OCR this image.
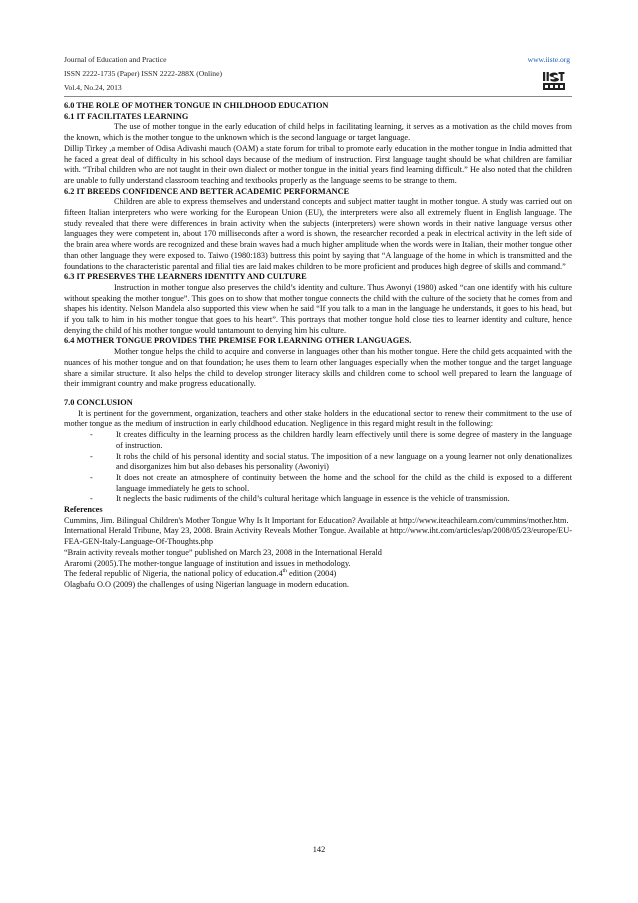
Journal of Education and Practice
ISSN 2222-1735 (Paper) ISSN 2222-288X (Online)
Vol.4, No.24, 2013
www.iiste.org

6.0 THE ROLE OF MOTHER TONGUE IN CHILDHOOD EDUCATION

6.1 IT FACILITATES LEARNING

The use of mother tongue in the early education of child helps in facilitating learning, it serves as a motivation as the child moves from the known, which is the mother tongue to the unknown which is the second language or target language.

Dillip Tirkey ,a member of Odisa Adivashi mauch (OAM) a state forum for tribal to promote early education in the mother tongue in India admitted that he faced a great deal of difficulty in his school days because of the medium of instruction. First language taught should be what children are familiar with. “Tribal children who are not taught in their own dialect or mother tongue in the initial years find learning difficult.” He also noted that the children are unable to fully understand classroom teaching and textbooks properly as the language seems to be strange to them.

6.2 IT BREEDS CONFIDENCE AND BETTER ACADEMIC PERFORMANCE

Children are able to express themselves and understand concepts and subject matter taught in mother tongue. A study was carried out on fifteen Italian interpreters who were working for the European Union (EU), the interpreters were also all extremely fluent in English language. The study revealed that there were differences in brain activity when the subjects (interpreters) were shown words in their native language versus other languages they were competent in, about 170 milliseconds after a word is shown, the researcher recorded a peak in electrical activity in the left side of the brain area where words are recognized and these brain waves had a much higher amplitude when the words were in Italian, their mother tongue other than other language they were exposed to. Taiwo (1980:183) buttress this point by saying that “A language of the home in which is transmitted and the foundations to the characteristic parental and filial ties are laid makes children to be more proficient and produces high degree of skills and command.”

6.3 IT PRESERVES THE LEARNERS IDENTITY AND CULTURE

Instruction in mother tongue also preserves the child’s identity and culture. Thus Awonyi (1980) asked “can one identify with his culture without speaking the mother tongue”. This goes on to show that mother tongue connects the child with the culture of the society that he comes from and shapes his identity. Nelson Mandela also supported this view when he said “If you talk to a man in the language he understands, it goes to his head, but if you talk to him in his mother tongue that goes to his heart”. This portrays that mother tongue hold close ties to learner identity and culture, hence denying the child of his mother tongue would tantamount to denying him his culture.

6.4 MOTHER TONGUE PROVIDES THE PREMISE FOR LEARNING OTHER LANGUAGES.

Mother tongue helps the child to acquire and converse in languages other than his mother tongue. Here the child gets acquainted with the nuances of his mother tongue and on that foundation; he uses them to learn other languages especially when the mother tongue and the target language share a similar structure. It also helps the child to develop stronger literacy skills and children come to school well prepared to learn the language of their immigrant country and make progress educationally.

7.0 CONCLUSION

It is pertinent for the government, organization, teachers and other stake holders in the educational sector to renew their commitment to the use of mother tongue as the medium of instruction in early childhood education. Negligence in this regard might result in the following:

-	It creates difficulty in the learning process as the children hardly learn effectively until there is some degree of mastery in the language of instruction.
-	It robs the child of his personal identity and social status. The imposition of a new language on a young learner not only denationalizes and disorganizes him but also debases his personality (Awoniyi)
-	It does not create an atmosphere of continuity between the home and the school for the child as the child is exposed to a different language immediately he gets to school.
-	It neglects the basic rudiments of the child’s cultural heritage which language in essence is the vehicle of transmission.

References

Cummins, Jim. Bilingual Children's Mother Tongue Why Is It Important for Education? Available at http://www.iteachilearn.com/cummins/mother.htm.

International Herald Tribune, May 23, 2008. Brain Activity Reveals Mother Tongue. Available at http://www.iht.com/articles/ap/2008/05/23/europe/EU-FEA-GEN-Italy-Language-Of-Thoughts.php

“Brain activity reveals mother tongue” published on March 23, 2008 in the International Herald

Araromi (2005).The mother-tongue language of institution and issues in methodology.

The federal republic of Nigeria, the national policy of education.4th edition (2004)

Olagbafu O.O (2009) the challenges of using Nigerian language in modern education.

142
